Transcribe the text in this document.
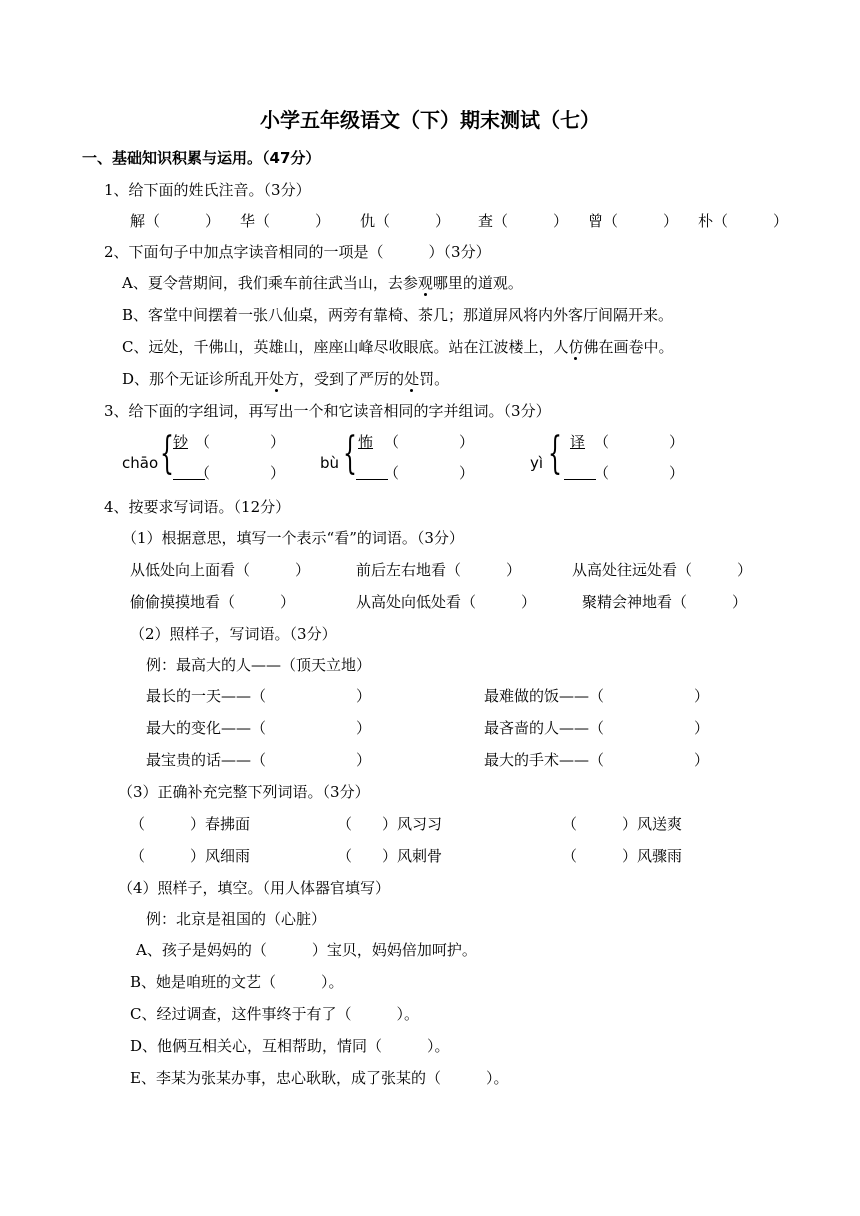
小学五年级语文（下）期末测试（七）
一、基础知识积累与运用。（47分）
1、给下面的姓氏注音。（3分）
解（　　　） 华（　　　） 仇（　　　） 查（　　　） 曾（　　　） 朴（　　　）
2、下面句子中加点字读音相同的一项是（　　　）（3分）
A、夏令营期间，我们乘车前往武当山，去参观哪里的道观。
B、客堂中间摆着一张八仙桌，两旁有靠椅、茶几；那道屏风将内外客厅间隔开来。
C、远处，千佛山，英雄山，座座山峰尽收眼底。站在江波楼上，人仿佛在画卷中。
D、那个无证诊所乱开处方，受到了严厉的处罚。
3、给下面的字组词，再写出一个和它读音相同的字并组词。（3分）
chāo { 钞 （　　　　）
（　　　　）
bù { 怖 （　　　　）
（　　　　）
yì { 译 （　　　　）
（　　　　）
4、按要求写词语。（12分）
（1）根据意思，填写一个表示“看”的词语。（3分）
从低处向上面看（　　　）	前后左右地看（　　　）	从高处往远处看（　　　）
偷偷摸摸地看（　　　）	从高处向低处看（　　　）	聚精会神地看（　　　）
（2）照样子，写词语。（3分）
例：最高大的人——（顶天立地）
最长的一天——（　　　　　　）	最难做的饭——（　　　　　　）
最大的变化——（　　　　　　）	最吝啬的人——（　　　　　　）
最宝贵的话——（　　　　　　）	最大的手术——（　　　　　　）
（3）正确补充完整下列词语。（3分）
（　　　）春拂面	（　　）风习习	（　　　）风送爽
（　　　）风细雨	（　　）风刺骨	（　　　）风骤雨
（4）照样子，填空。（用人体器官填写）
例：北京是祖国的（心脏）
A、孩子是妈妈的（　　　）宝贝，妈妈倍加呵护。
B、她是咱班的文艺（　　　）。
C、经过调查，这件事终于有了（　　　）。
D、他俩互相关心，互相帮助，情同（　　　）。
E、李某为张某办事，忠心耿耿，成了张某的（　　　）。
